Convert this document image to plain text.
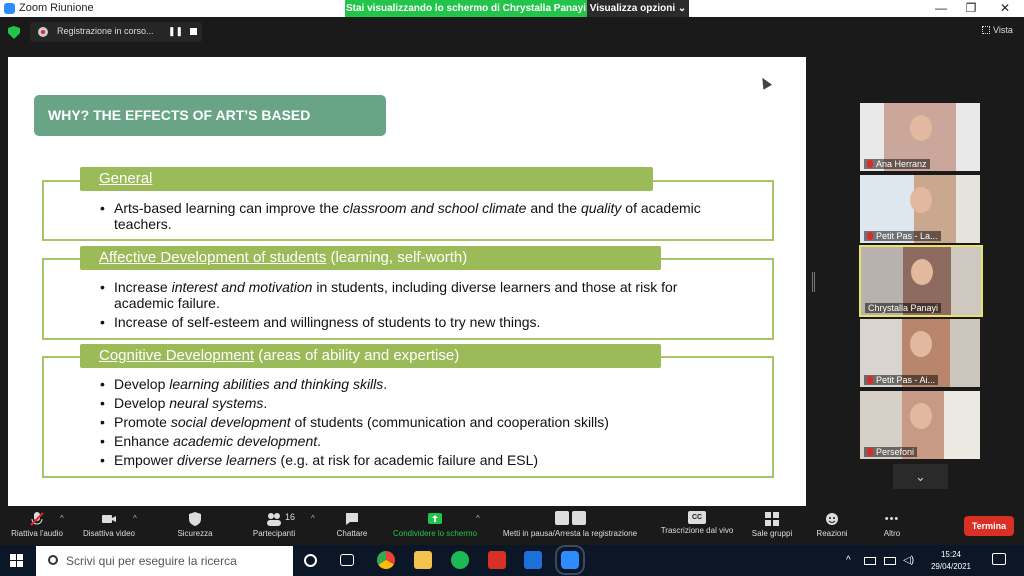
Zoom Riunione	—	❐	✕
Stai visualizzando lo schermo di Chrystalla Panayi Visualizza opzioni ⌄
Registrazione in corso... ❚❚	Vista
WHY? THE EFFECTS OF ART’S BASED LEARNING
• Arts-based learning can improve the classroom and school climate and the quality of academic teachers.
General
• Increase interest and motivation in students, including diverse learners and those at risk for academic failure.
• Increase of self-esteem and willingness of students to try new things.
Affective Development of students (learning, self-worth)
• Develop learning abilities and thinking skills.
• Develop neural systems.
• Promote social development of students (communication and cooperation skills)
• Enhance academic development.
• Empower diverse learners (e.g. at risk for academic failure and ESL)
Cognitive Development (areas of ability and expertise)
Ana Herranz
Petit Pas - La...
Chrystalla Panayi
Petit Pas - Ai...
Persefoni
⌄
Riattiva l'audio
^
Disattiva video
^
Sicurezza	Partecipanti
16 ^
Chattare	Condividere lo schermo
^
Metti in pausa/Arresta la registrazione
CC
Trascrizione dal vivo	Sale gruppi	Reazioni
•••
Altro
Termina
Scrivi qui per eseguire la ricerca	^	◁)
15:24
29/04/2021
